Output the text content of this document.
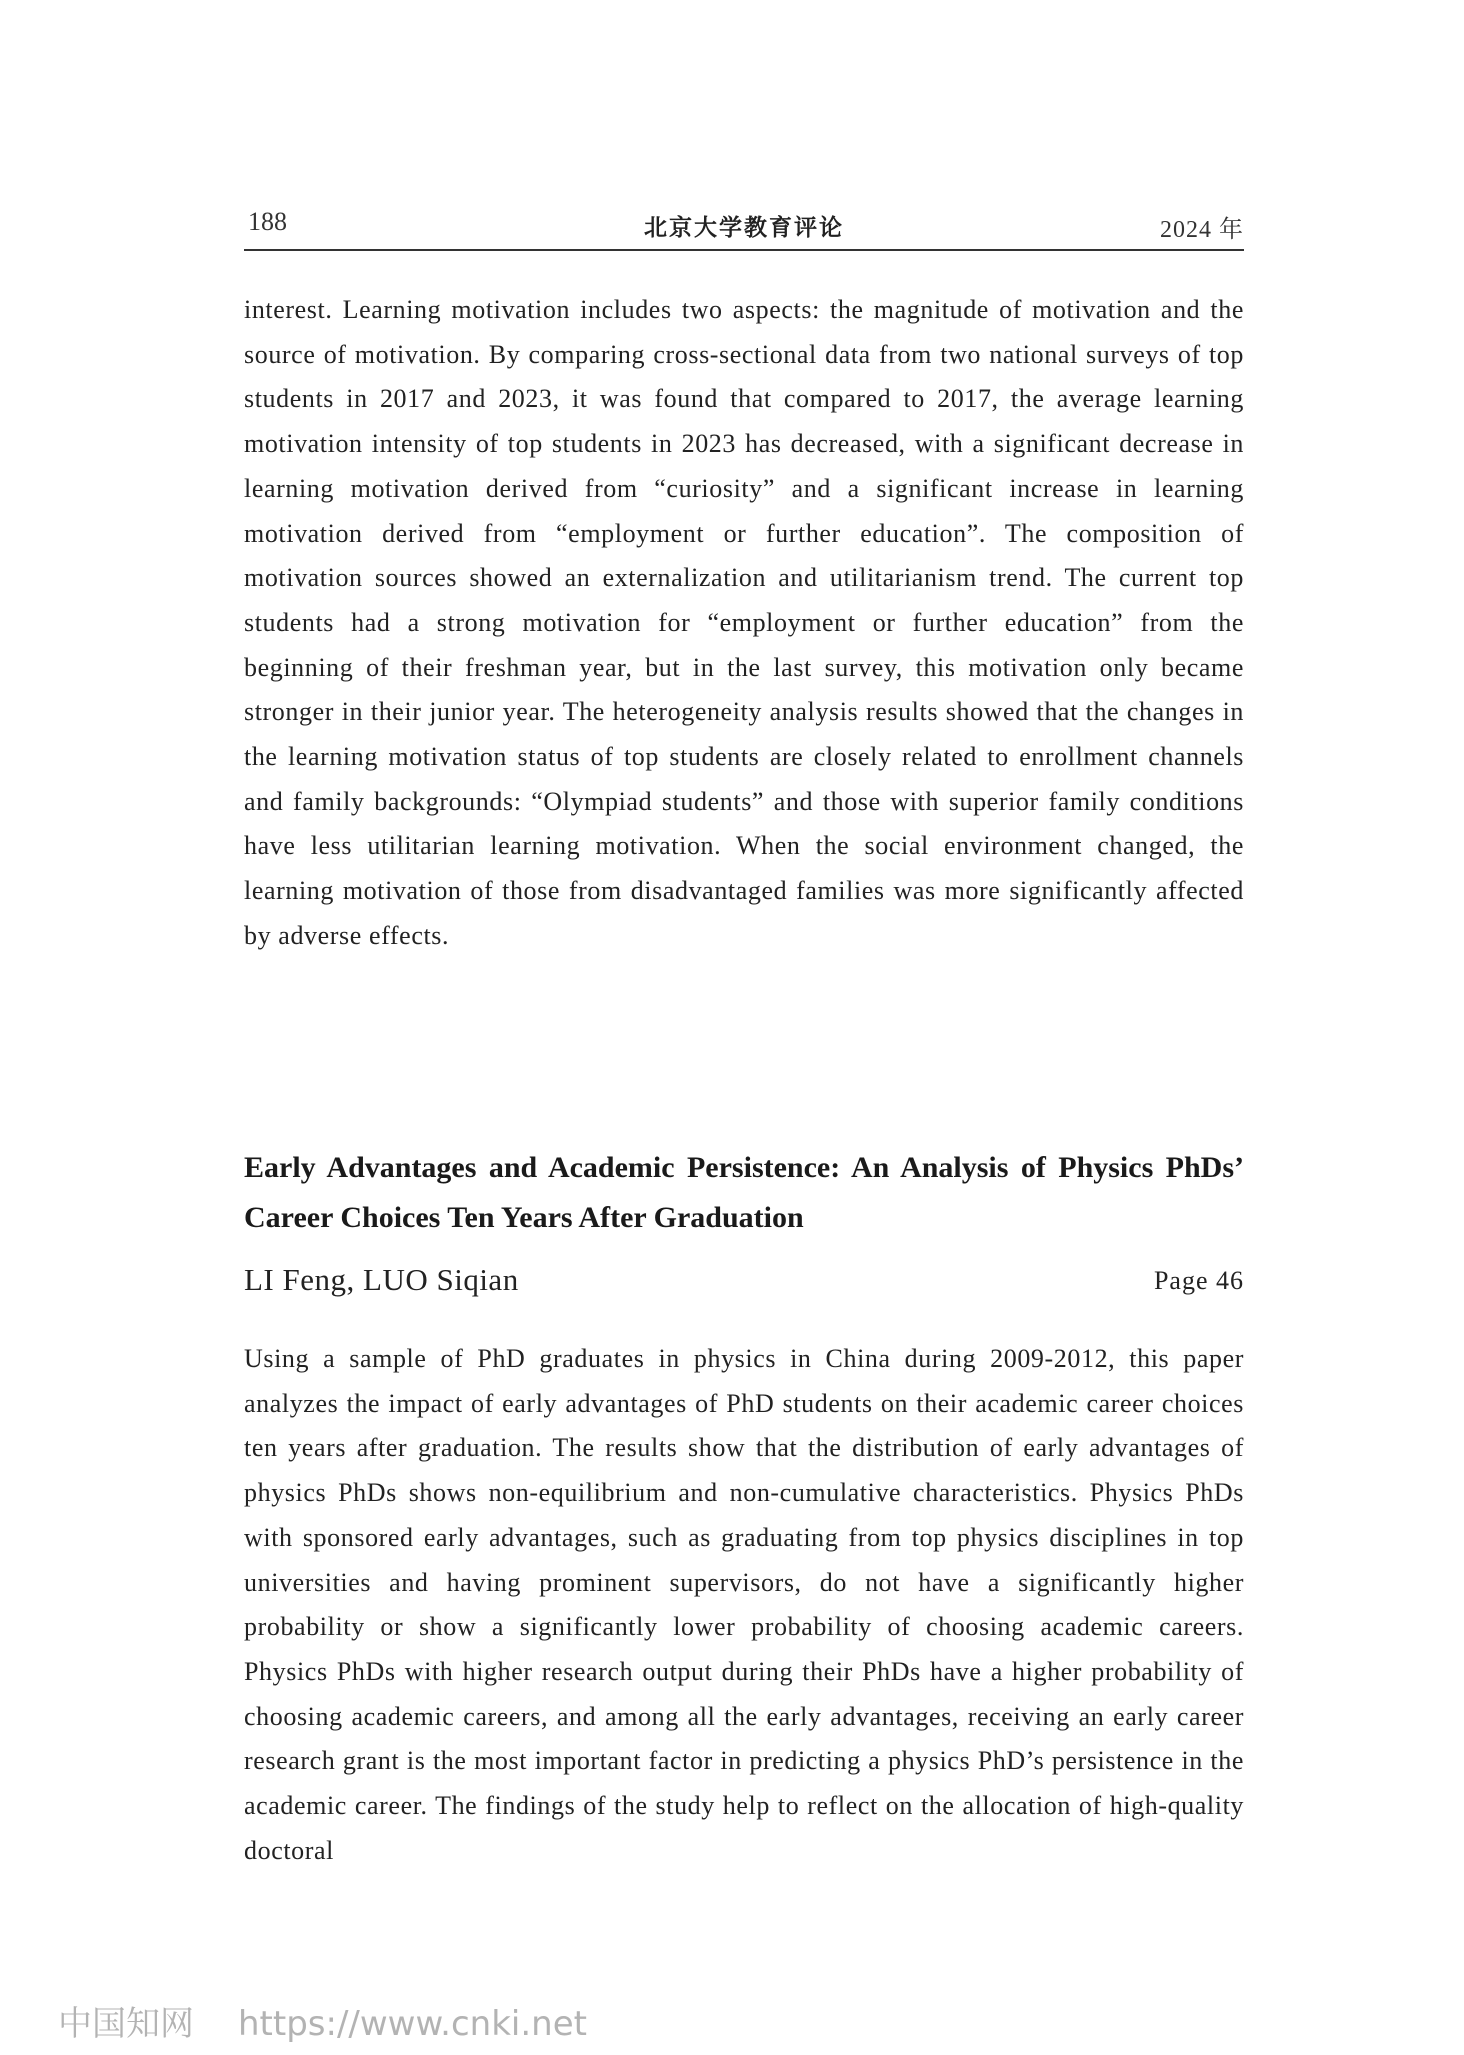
188	北京大学教育评论	2024 年
interest. Learning motivation includes two aspects: the magnitude of motivation and the source of motivation. By comparing cross-sectional data from two national surveys of top students in 2017 and 2023, it was found that compared to 2017, the average learning motivation intensity of top students in 2023 has decreased, with a significant decrease in learning motivation derived from “curiosity” and a significant increase in learning motivation derived from “employment or further education”. The composition of motivation sources showed an externalization and utilitarianism trend. The current top students had a strong motivation for “employment or further education” from the beginning of their freshman year, but in the last survey, this motivation only became stronger in their junior year. The heterogeneity analysis results showed that the changes in the learning motivation status of top students are closely related to enrollment channels and family backgrounds: “Olympiad students” and those with superior family conditions have less utilitarian learning motivation. When the social environment changed, the learning motivation of those from disadvantaged families was more significantly affected by adverse effects.
Early Advantages and Academic Persistence: An Analysis of Physics PhDs’ Career Choices Ten Years After Graduation
LI Feng, LUO Siqian	Page 46
Using a sample of PhD graduates in physics in China during 2009-2012, this paper analyzes the impact of early advantages of PhD students on their academic career choices ten years after graduation. The results show that the distribution of early advantages of physics PhDs shows non-equilibrium and non-cumulative characteristics. Physics PhDs with sponsored early advantages, such as graduating from top physics disciplines in top universities and having prominent supervisors, do not have a significantly higher probability or show a significantly lower probability of choosing academic careers. Physics PhDs with higher research output during their PhDs have a higher probability of choosing academic careers, and among all the early advantages, receiving an early career research grant is the most important factor in predicting a physics PhD’s persistence in the academic career. The findings of the study help to reflect on the allocation of high-quality doctoral
中国知网 https://www.cnki.net
